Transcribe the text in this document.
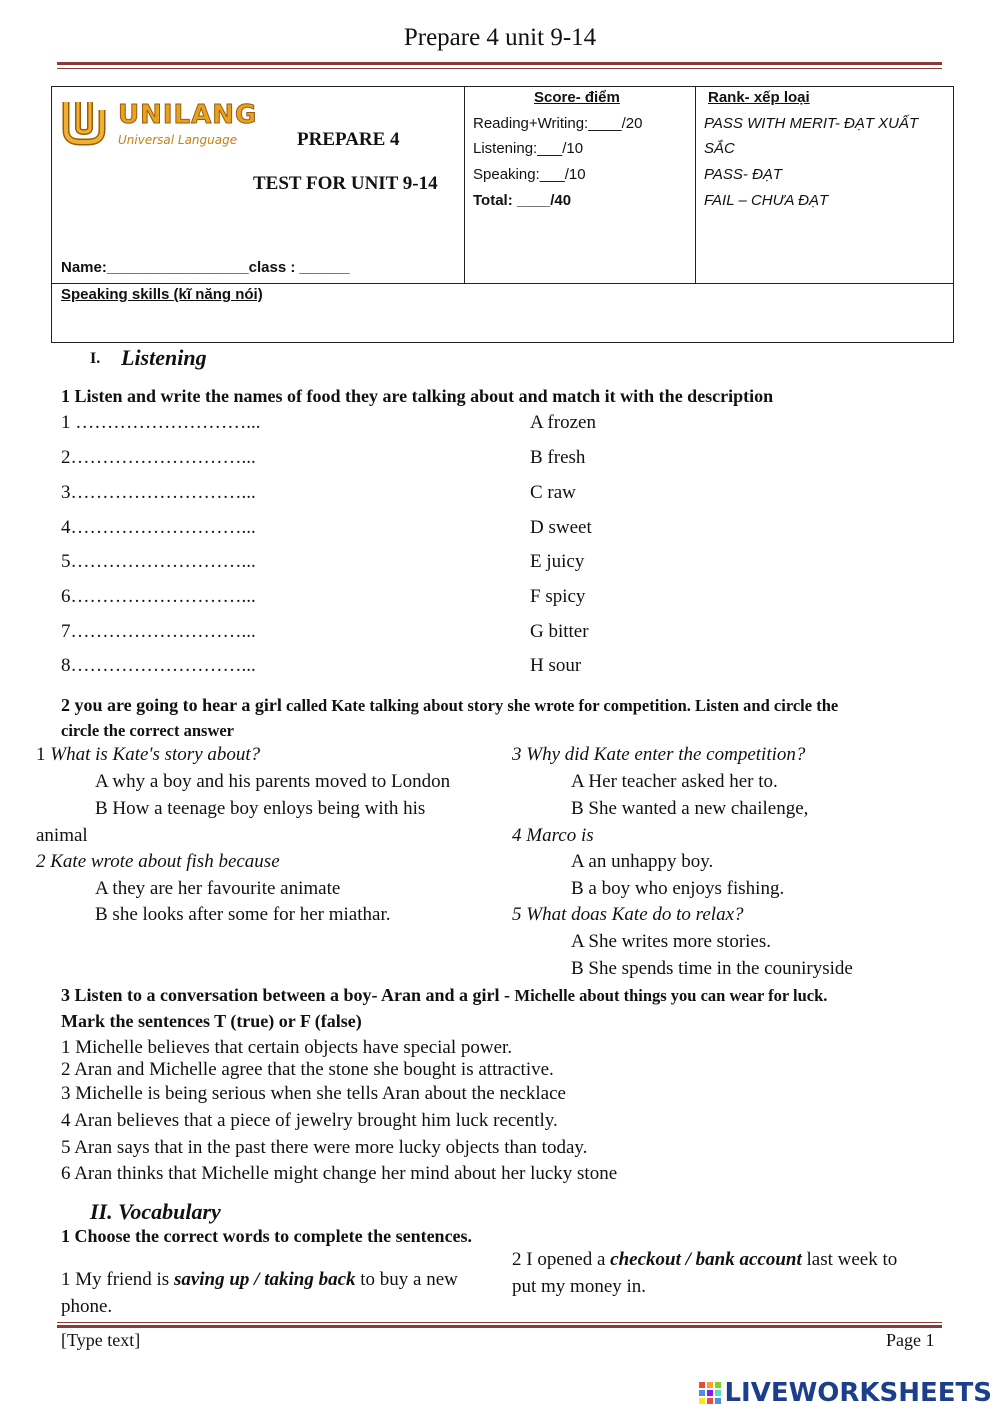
Prepare 4 unit 9-14
UNILANG
Universal Language	PREPARE 4
TEST FOR UNIT 9-14
Name:_________________class : ______
Score- điểm
Reading+Writing:____/20
Listening:___/10
Speaking:___/10
Total: ____/40
Rank- xếp loại
PASS WITH MERIT- ĐẠT XUẤT
SẮC
PASS- ĐẠT
FAIL – CHƯA ĐẠT
Speaking skills (kĩ năng nói)
I. Listening
1 Listen and write the names of food they are talking about and match it with the description
1 ………………………...
2………………………...
3………………………...
4………………………...
5………………………...
6………………………...
7………………………...
8………………………...
A frozen
B fresh
C raw
D sweet
E juicy
F spicy
G bitter
H sour
2 you are going to hear a girl called Kate talking about story she wrote for competition. Listen and circle the
circle the correct answer
1 What is Kate's story about?
A why a boy and his parents moved to London
B How a teenage boy enloys being with his
animal
2 Kate wrote about fish because
A they are her favourite animate
B she looks after some for her miathar.
3 Why did Kate enter the competition?
A Her teacher asked her to.
B She wanted a new chailenge,
4 Marco is
A an unhappy boy.
B a boy who enjoys fishing.
5 What doas Kate do to relax?
A She writes more stories.
B She spends time in the couniryside
3 Listen to a conversation between a boy- Aran and a girl - Michelle about things you can wear for luck.
Mark the sentences T (true) or F (false)
1 Michelle believes that certain objects have special power.
2 Aran and Michelle agree that the stone she bought is attractive.
3 Michelle is being serious when she tells Aran about the necklace
4 Aran believes that a piece of jewelry brought him luck recently.
5 Aran says that in the past there were more lucky objects than today.
6 Aran thinks that Michelle might change her mind about her lucky stone
II. Vocabulary
1 Choose the correct words to complete the sentences.
1 My friend is saving up / taking back to buy a new
phone.
2 I opened a checkout / bank account last week to
put my money in.
[Type text]	Page 1
LIVEWORKSHEETS
